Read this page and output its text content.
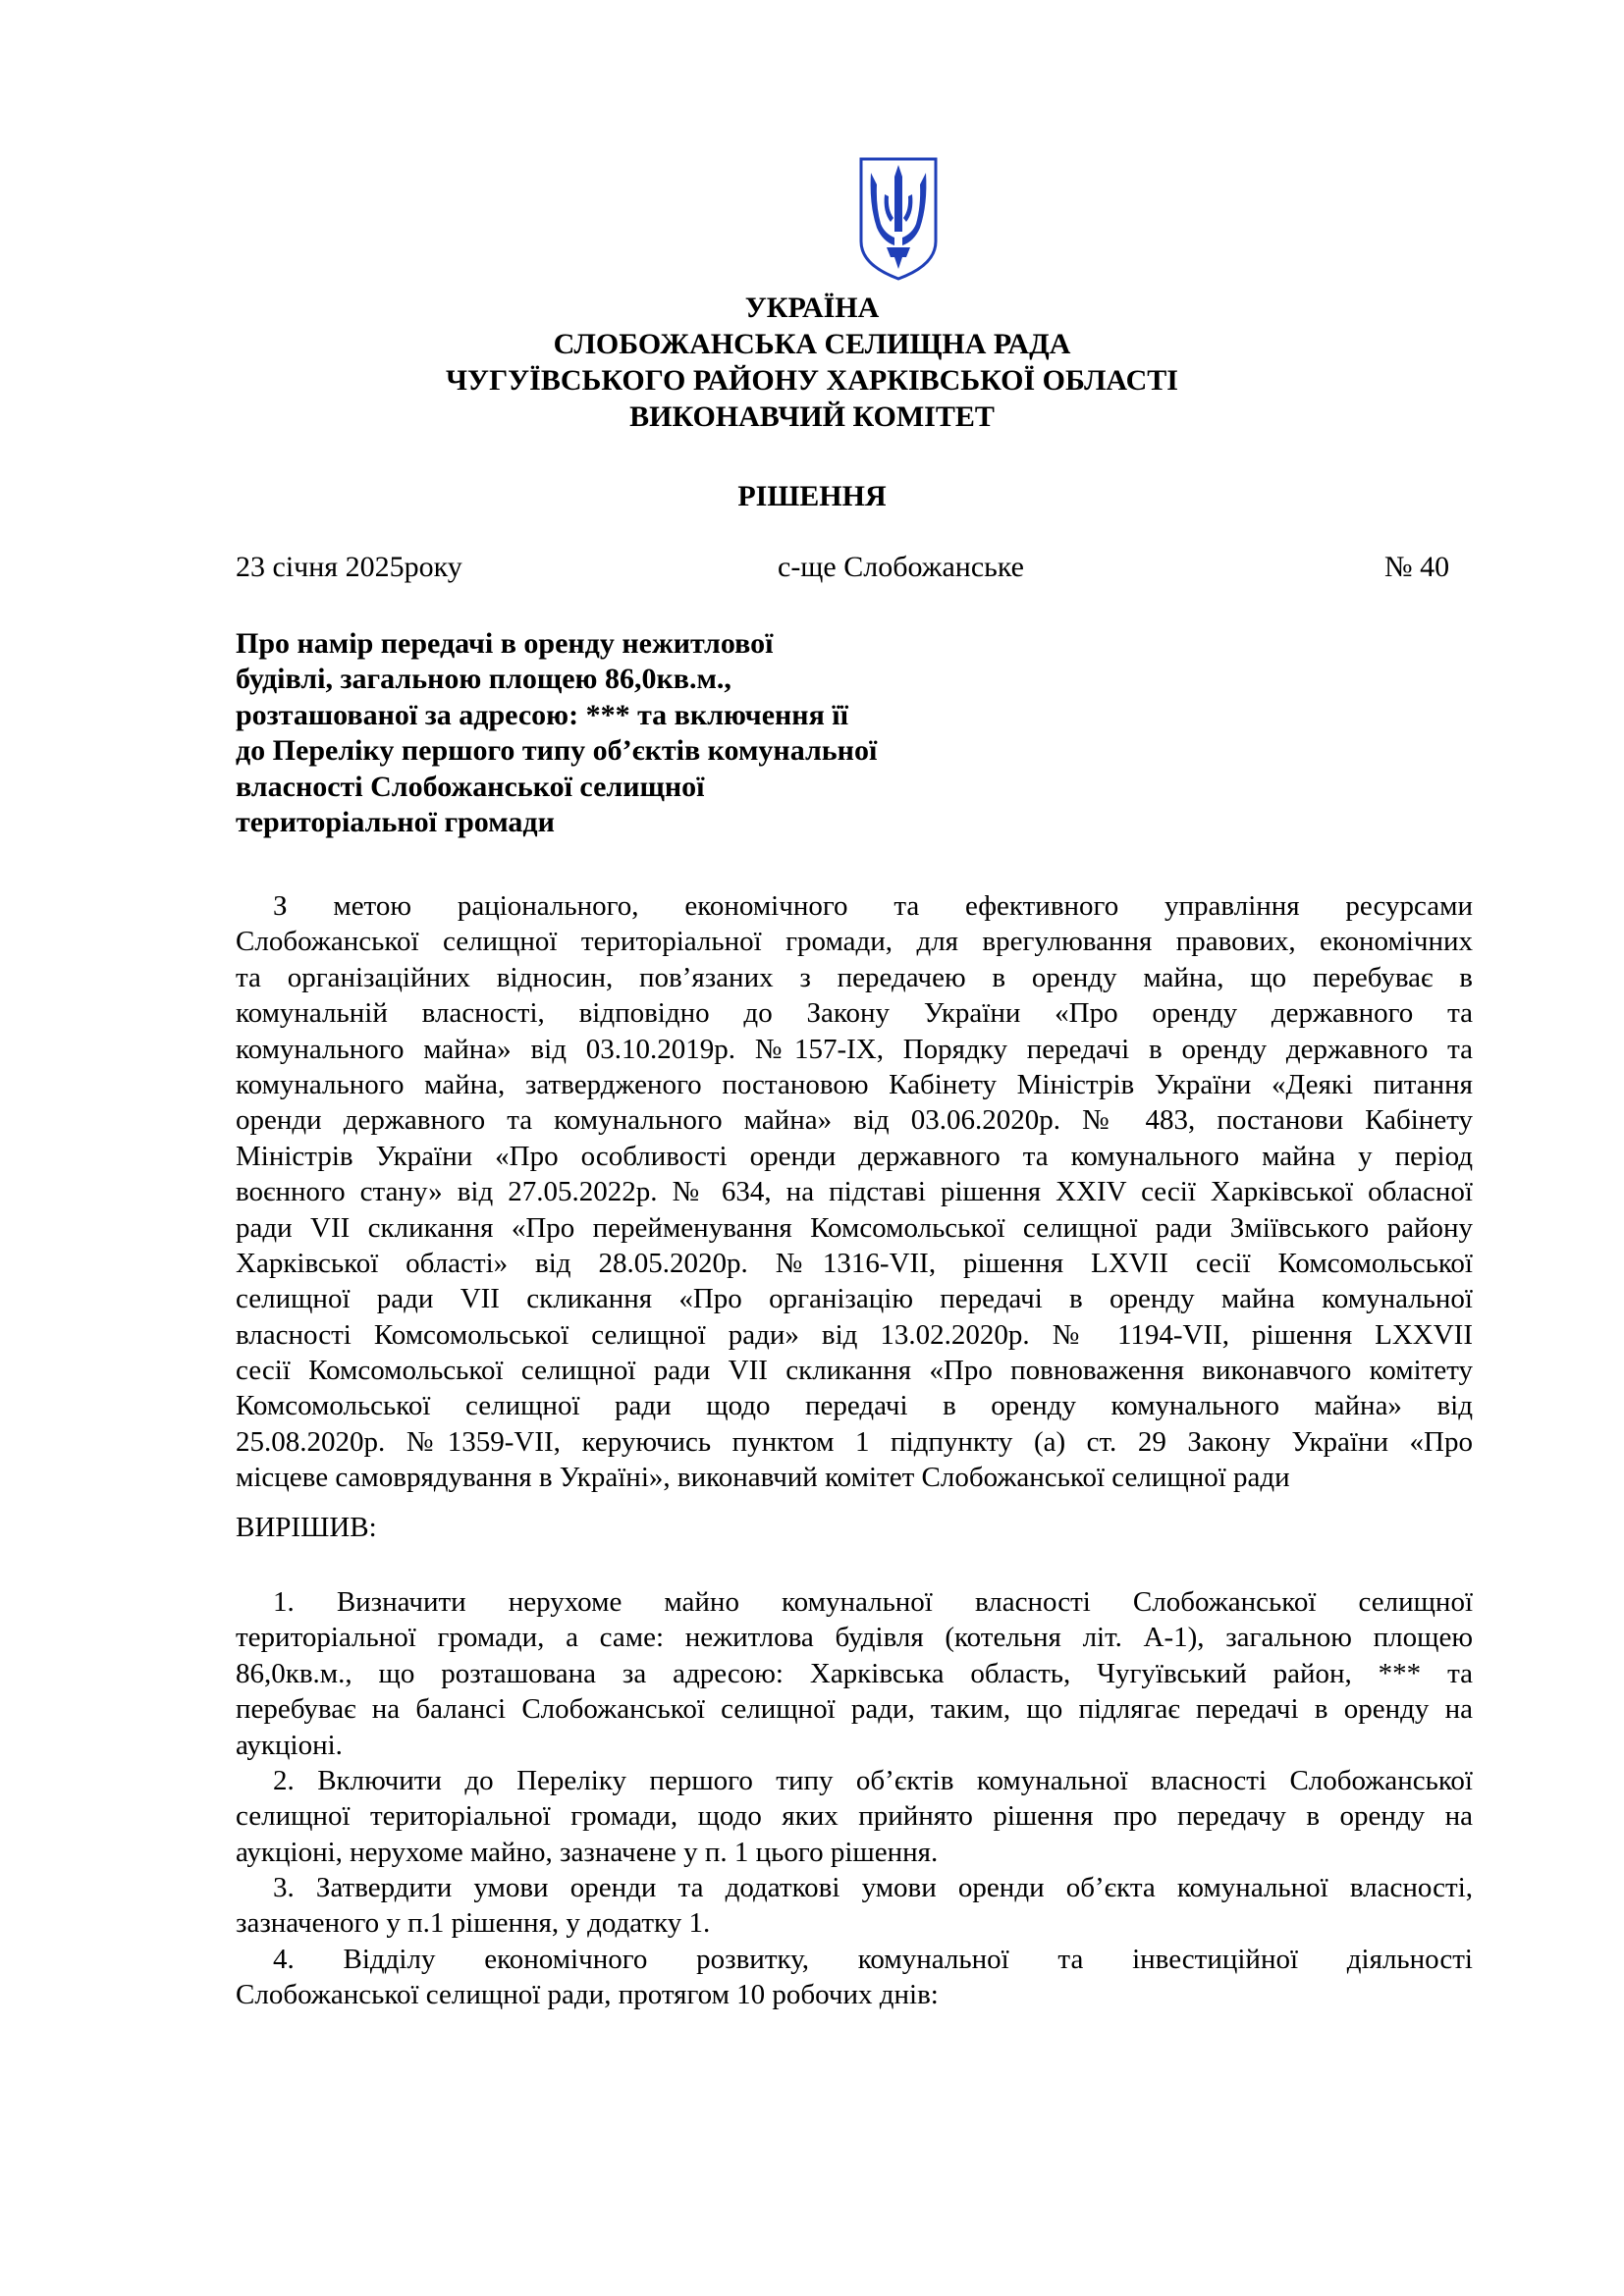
УКРАЇНА
СЛОБОЖАНСЬКА СЕЛИЩНА РАДА
ЧУГУЇВСЬКОГО РАЙОНУ ХАРКІВСЬКОЇ ОБЛАСТІ
ВИКОНАВЧИЙ КОМІТЕТ
РІШЕННЯ
23 січня 2025року	с-ще Слобожанське	№ 40
Про намір передачі в оренду нежитлової
будівлі, загальною площею 86,0кв.м.,
розташованої за адресою: *** та включення її
до Переліку першого типу об’єктів комунальної
власності Слобожанської селищної
територіальної громади
З метою раціонального, економічного та ефективного управління ресурсами
Слобожанської селищної територіальної громади, для врегулювання правових, економічних
та організаційних відносин, пов’язаних з передачею в оренду майна, що перебуває в
комунальній власності, відповідно до Закону України «Про оренду державного та
комунального майна» від 03.10.2019р. №157-IX, Порядку передачі в оренду державного та
комунального майна, затвердженого постановою Кабінету Міністрів України «Деякі питання
оренди державного та комунального майна» від 03.06.2020р. № 483, постанови Кабінету
Міністрів України «Про особливості оренди державного та комунального майна у період
воєнного стану» від 27.05.2022р. № 634, на підставі рішення XXIV сесії Харківської обласної
ради VII скликання «Про перейменування Комсомольської селищної ради Зміївського району
Харківської області» від 28.05.2020р. №1316-VII, рішення LXVII сесії Комсомольської
селищної ради VII скликання «Про організацію передачі в оренду майна комунальної
власності Комсомольської селищної ради» від 13.02.2020р. № 1194-VII, рішення LXXVII
сесії Комсомольської селищної ради VII скликання «Про повноваження виконавчого комітету
Комсомольської селищної ради щодо передачі в оренду комунального майна» від
25.08.2020р. №1359-VII, керуючись пунктом 1 підпункту (а) ст. 29 Закону України «Про
місцеве самоврядування в Україні», виконавчий комітет Слобожанської селищної ради
ВИРІШИВ:
1. Визначити нерухоме майно комунальної власності Слобожанської селищної
територіальної громади, а саме: нежитлова будівля (котельня літ. А-1), загальною площею
86,0кв.м., що розташована за адресою: Харківська область, Чугуївський район, *** та
перебуває на балансі Слобожанської селищної ради, таким, що підлягає передачі в оренду на
аукціоні.
2. Включити до Переліку першого типу об’єктів комунальної власності Слобожанської
селищної територіальної громади, щодо яких прийнято рішення про передачу в оренду на
аукціоні, нерухоме майно, зазначене у п. 1 цього рішення.
3. Затвердити умови оренди та додаткові умови оренди об’єкта комунальної власності,
зазначеного у п.1 рішення, у додатку 1.
4. Відділу економічного розвитку, комунальної та інвестиційної діяльності
Слобожанської селищної ради, протягом 10 робочих днів:
